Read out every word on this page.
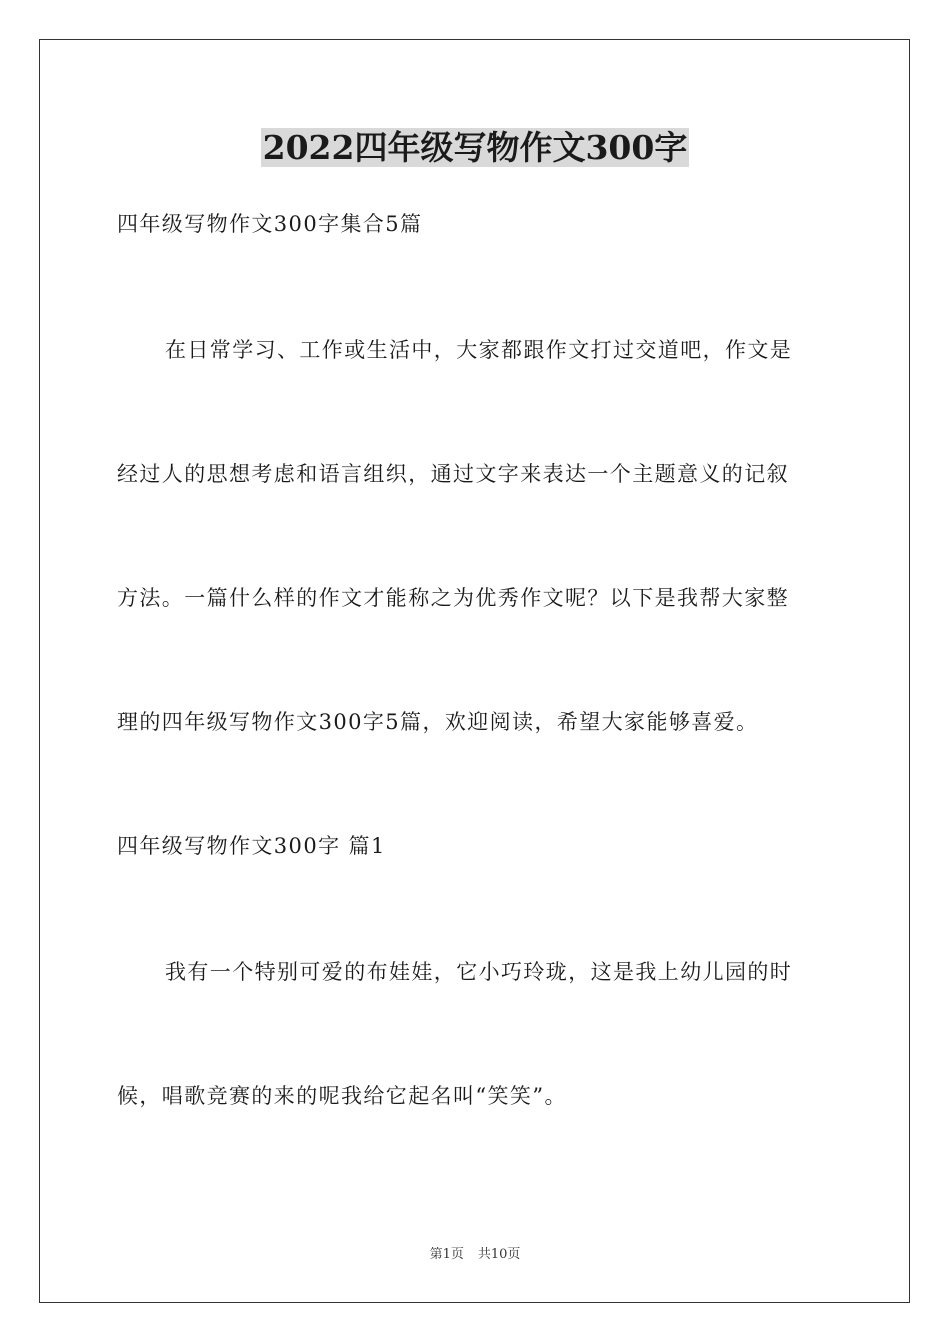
2022四年级写物作文300字
四年级写物作文300字集合5篇
在日常学习、工作或生活中，大家都跟作文打过交道吧，作文是
经过人的思想考虑和语言组织，通过文字来表达一个主题意义的记叙
方法。一篇什么样的作文才能称之为优秀作文呢？以下是我帮大家整
理的四年级写物作文300字5篇，欢迎阅读，希望大家能够喜爱。
四年级写物作文300字 篇1
我有一个特别可爱的布娃娃，它小巧玲珑，这是我上幼儿园的时
候，唱歌竞赛的来的呢我给它起名叫“笑笑”。
第1页 共10页
